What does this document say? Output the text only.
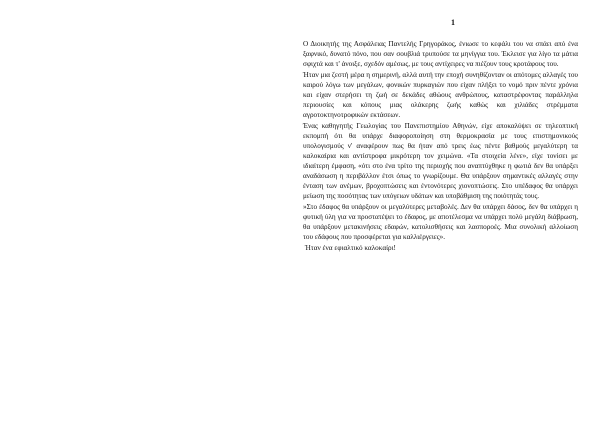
1

Ο Διοικητής της Ασφάλειας Παντελής Γρηγοράκος, ένιωσε το κεφάλι του να σπάει από ένα ξαφνικό, δυνατό πόνο, που σαν σουβλιά τρυπούσε τα μηνίγγια του. Έκλεισε για λίγο τα μάτια σφιχτά και τ' άνοιξε, σχεδόν αμέσως, με τους αντίχειρες να πιέζουν τους κροτάφους του.

Ήταν μια ζεστή μέρα η σημερινή, αλλά αυτή την εποχή συνηθίζονταν οι απότομες αλλαγές του καιρού λόγω των μεγάλων, φονικών πυρκαγιών που είχαν πλήξει το νομό πριν πέντε χρόνια και είχαν στερήσει τη ζωή σε δεκάδες αθώους ανθρώπους, καταστρέφοντας παράλληλα περιουσίες και κόπους μιας ολάκερης ζωής καθώς και χιλιάδες στρέμματα αγροτοκτηνοτροφικών εκτάσεων.

Ένας καθηγητής Γεωλογίας του Πανεπιστημίου Αθηνών, είχε αποκαλύψει σε τηλεοπτική εκπομπή ότι θα υπάρχε διαφοροποίηση στη θερμοκρασία με τους επιστημονικούς υπολογισμούς ν' αναφέρουν πως θα ήταν από τρεις έως πέντε βαθμούς μεγαλύτερη τα καλοκαίρια και αντίστροφα μικρότερη τον χειμώνα. «Τα στοιχεία λένε», είχε τονίσει με ιδιαίτερη έμφαση, «ότι στο ένα τρίτο της περιοχής που αναπτύχθηκε η φωτιά δεν θα υπάρξει αναδάσωση η περιβάλλον έτσι όπως το γνωρίζουμε. Θα υπάρξουν σημαντικές αλλαγές στην ένταση των ανέμων, βροχοπτώσεις και έντονότερες χιονοπτώσεις. Στο υπέδαφος θα υπάρχει μείωση της ποσότητας των υπόγειων υδάτων και υποβάθμιση της ποιότητάς τους.

»Στο έδαφος θα υπάρξουν οι μεγαλύτερες μεταβολές. Δεν θα υπάρχει δάσος, δεν θα υπάρχει η φυτική ύλη για να προστατέψει το έδαφος, με αποτέλεσμα να υπάρχει πολύ μεγάλη διάβρωση, θα υπάρξουν μετακινήσεις εδαφών, κατολισθήσεις και λασποροές. Μια συνολική αλλοίωση του εδάφους που προσφέρεται για καλλιέργειες».

Ήταν ένα εφιαλτικό καλοκαίρι!
